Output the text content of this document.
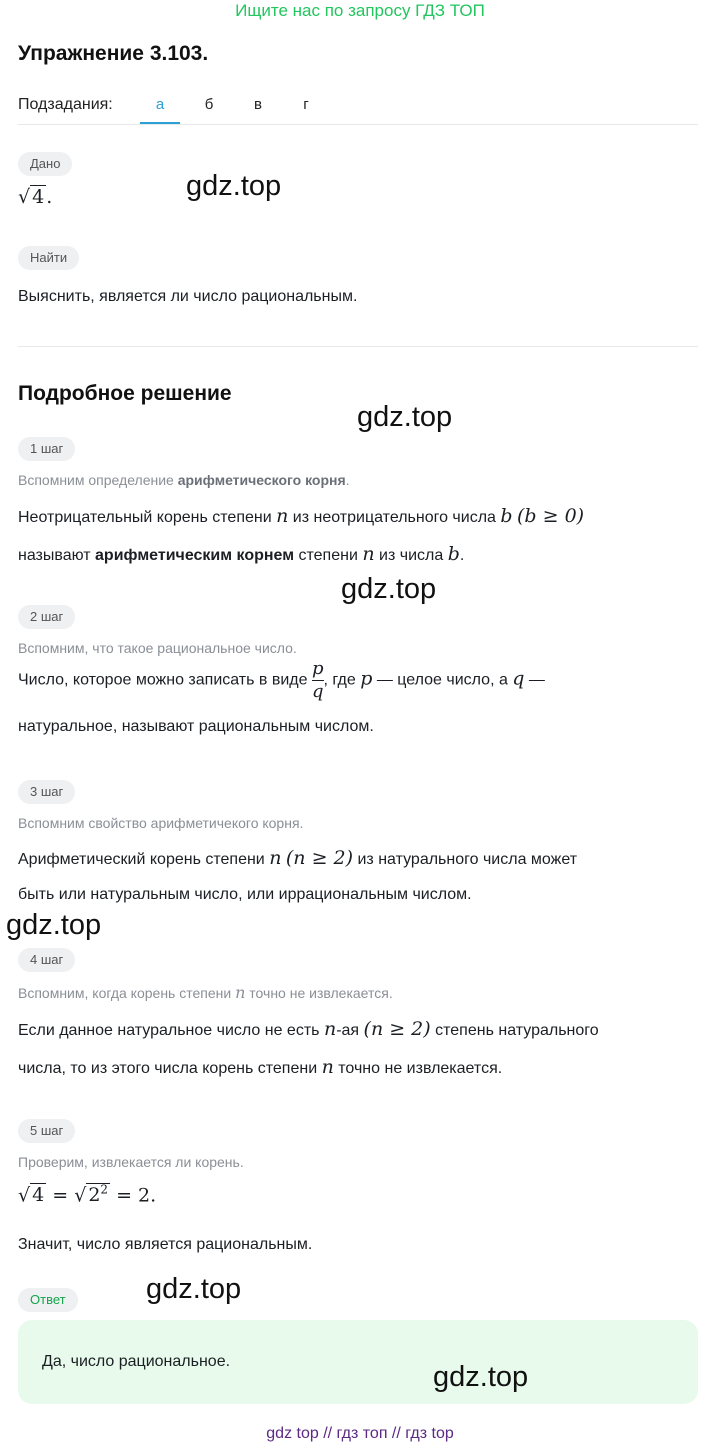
Ищите нас по запросу ГДЗ ТОП
Упражнение 3.103.
Подзадания:	а	б	в	г
Дано
√ 4 .
Найти
Выяснить, является ли число рациональным.
Подробное решение
1 шаг
Вспомним определение арифметического корня.
Неотрицательный корень степени n из неотрицательного числа b (b ≥ 0)
называют арифметическим корнем степени n из числа b.
2 шаг
Вспомним, что такое рациональное число.
Число, которое можно записать в виде $\frac{p}{q}$ , где p — целое число, а q —
натуральное, называют рациональным числом.
3 шаг
Вспомним свойство арифметичекого корня.
Арифметический корень степени n (n ≥ 2) из натурального числа может
быть или натуральным число, или иррациональным числом.
4 шаг
Вспомним, когда корень степени n точно не извлекается.
Если данное натуральное число не есть n-ая (n ≥ 2) степень натурального
числа, то из этого числа корень степени n точно не извлекается.
5 шаг
Проверим, извлекается ли корень.
√ 4 = √ $2^2 = 2$.
Значит, число является рациональным.
Ответ
Да, число рациональное.
gdz.top
gdz.top
gdz.top
gdz.top
gdz.top
gdz.top
gdz top // гдз топ // гдз top
